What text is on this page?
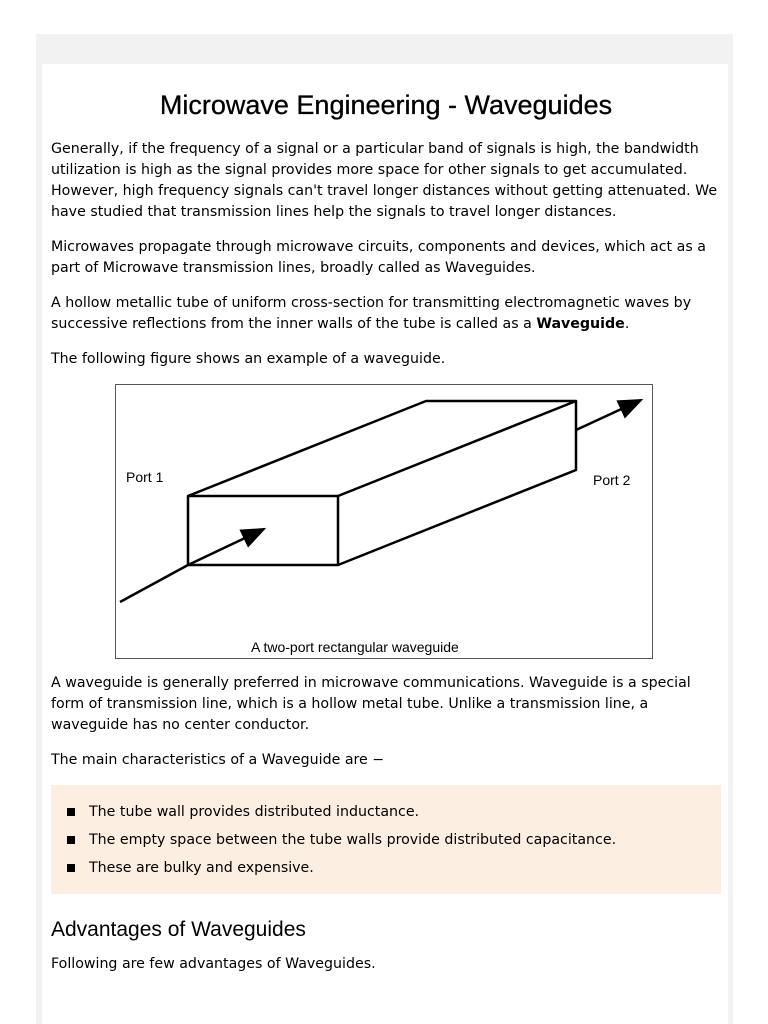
Microwave Engineering - Waveguides

Generally, if the frequency of a signal or a particular band of signals is high, the bandwidth utilization is high as the signal provides more space for other signals to get accumulated. However, high frequency signals can't travel longer distances without getting attenuated. We have studied that transmission lines help the signals to travel longer distances.

Microwaves propagate through microwave circuits, components and devices, which act as a part of Microwave transmission lines, broadly called as Waveguides.

A hollow metallic tube of uniform cross-section for transmitting electromagnetic waves by successive reflections from the inner walls of the tube is called as a Waveguide.

The following figure shows an example of a waveguide.

Port 1	Port 2
A two-port rectangular waveguide

A waveguide is generally preferred in microwave communications. Waveguide is a special form of transmission line, which is a hollow metal tube. Unlike a transmission line, a waveguide has no center conductor.

The main characteristics of a Waveguide are −

The tube wall provides distributed inductance.
The empty space between the tube walls provide distributed capacitance.
These are bulky and expensive.
Advantages of Waveguides

Following are few advantages of Waveguides.
